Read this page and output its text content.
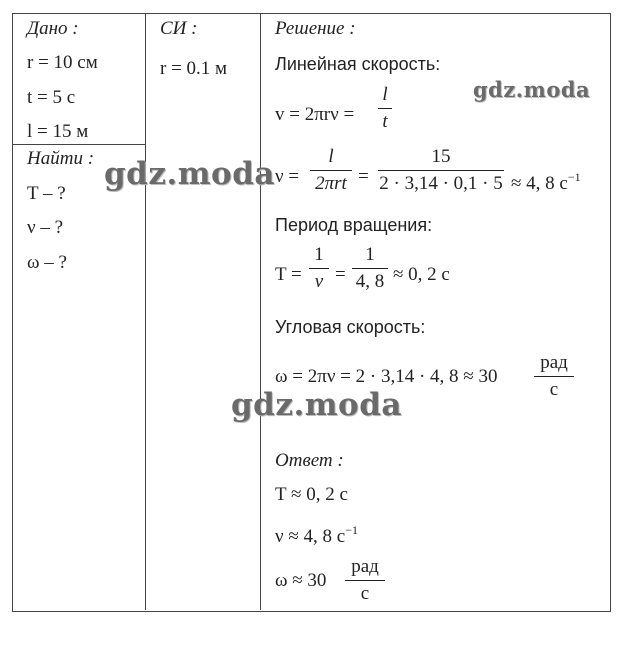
Дано :
r = 10 см
t = 5 с
l = 15 м
Найти :
T – ?
ν – ?
ω – ?
СИ :
r = 0.1 м
Решение :
Линейная скорость:
v = 2πrν =
l
t
ν =
l
2πrt =
15
2 · 3,14 · 0,1 · 5 ≈ 4, 8 $с^{-1}$
Период вращения:
T =
1
ν =
1
4, 8 ≈ 0, 2 с
Угловая скорость:
ω = 2πν = 2 · 3,14 · 4, 8 ≈ 30
рад
с
Ответ :
T ≈ 0, 2 с
ν ≈ 4, 8 $с^{-1}$
ω ≈ 30
рад
с
gdz.moda
gdz.moda
gdz.moda
